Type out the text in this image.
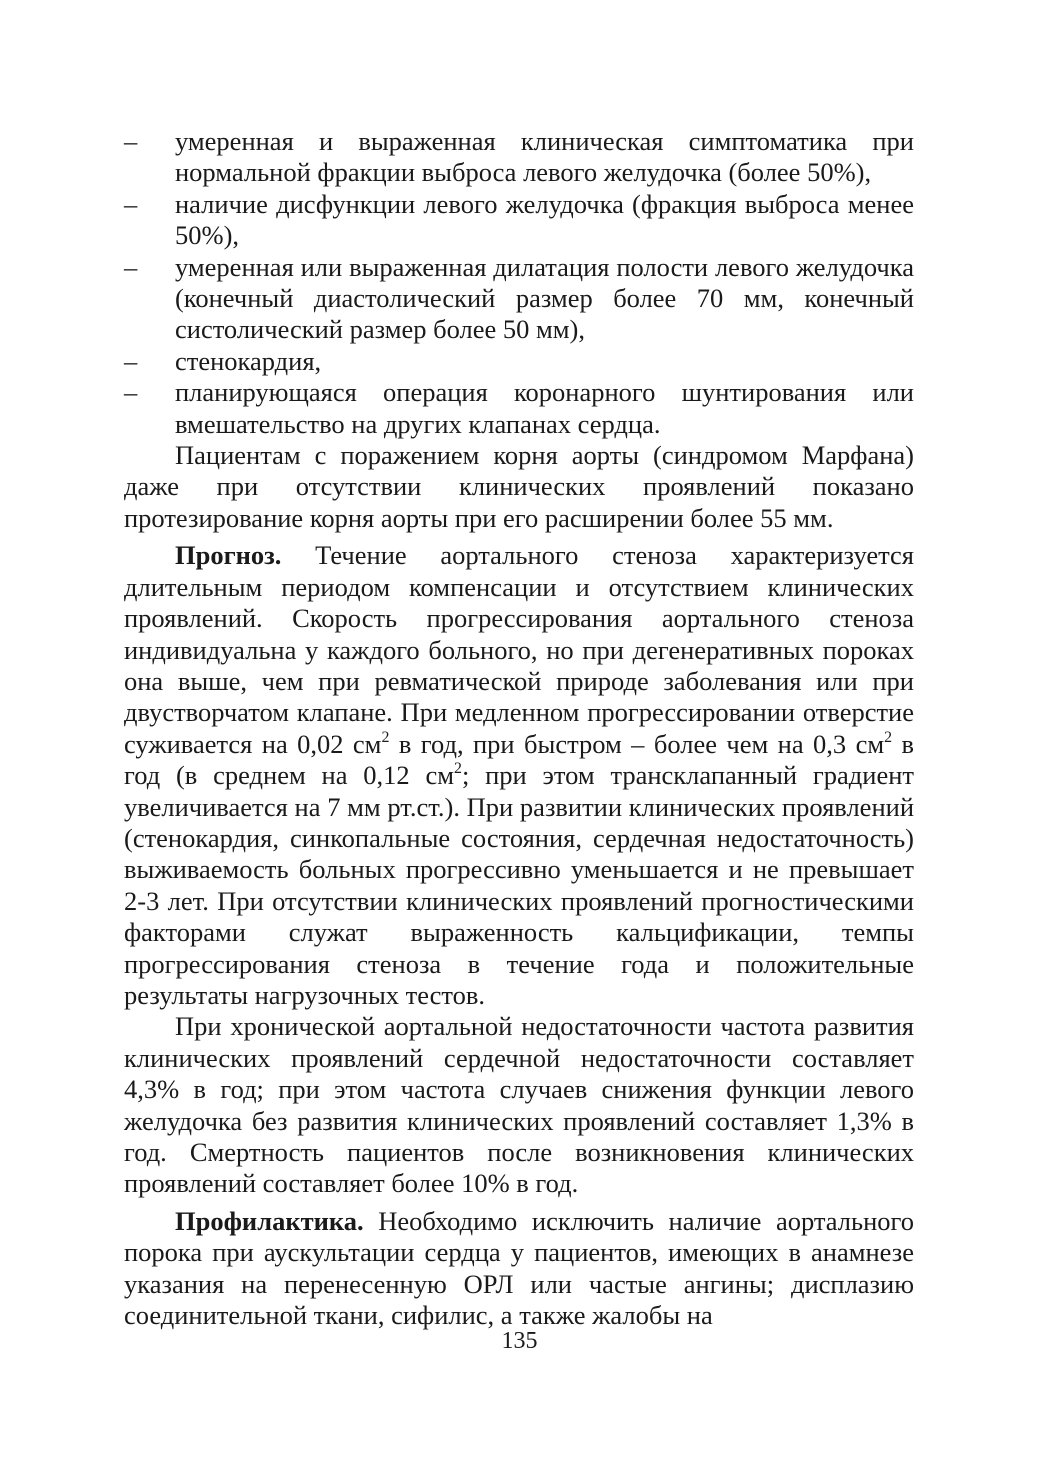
– умеренная и выраженная клиническая симптоматика при нормальной фракции выброса левого желудочка (более 50%),
– наличие дисфункции левого желудочка (фракция выброса менее 50%),
– умеренная или выраженная дилатация полости левого желудочка (конечный диастолический размер более 70 мм, конечный систолический размер более 50 мм),
– стенокардия,
– планирующаяся операция коронарного шунтирования или вмешательство на других клапанах сердца.

Пациентам с поражением корня аорты (синдромом Марфана) даже при отсутствии клинических проявлений показано протезирование корня аорты при его расширении более 55 мм.

Прогноз. Течение аортального стеноза характеризуется длительным периодом компенсации и отсутствием клинических проявлений. Скорость прогрессирования аортального стеноза индивидуальна у каждого больного, но при дегенеративных пороках она выше, чем при ревматической природе заболевания или при двустворчатом клапане. При медленном прогрессировании отверстие суживается на 0,02 $см^2$ в год, при быстром – более чем на 0,3 $см^2$ в год (в среднем на 0,12 $см^2$; при этом трансклапанный градиент увеличивается на 7 мм рт.ст.). При развитии клинических проявлений (стенокардия, синкопальные состояния, сердечная недостаточность) выживаемость больных прогрессивно уменьшается и не превышает 2-3 лет. При отсутствии клинических проявлений прогностическими факторами служат выраженность кальцификации, темпы прогрессирования стеноза в течение года и положительные результаты нагрузочных тестов.

При хронической аортальной недостаточности частота развития клинических проявлений сердечной недостаточности составляет 4,3% в год; при этом частота случаев снижения функции левого желудочка без развития клинических проявлений составляет 1,3% в год. Смертность пациентов после возникновения клинических проявлений составляет более 10% в год.

Профилактика. Необходимо исключить наличие аортального порока при аускультации сердца у пациентов, имеющих в анамнезе указания на перенесенную ОРЛ или частые ангины; дисплазию соединительной ткани, сифилис, а также жалобы на

135
